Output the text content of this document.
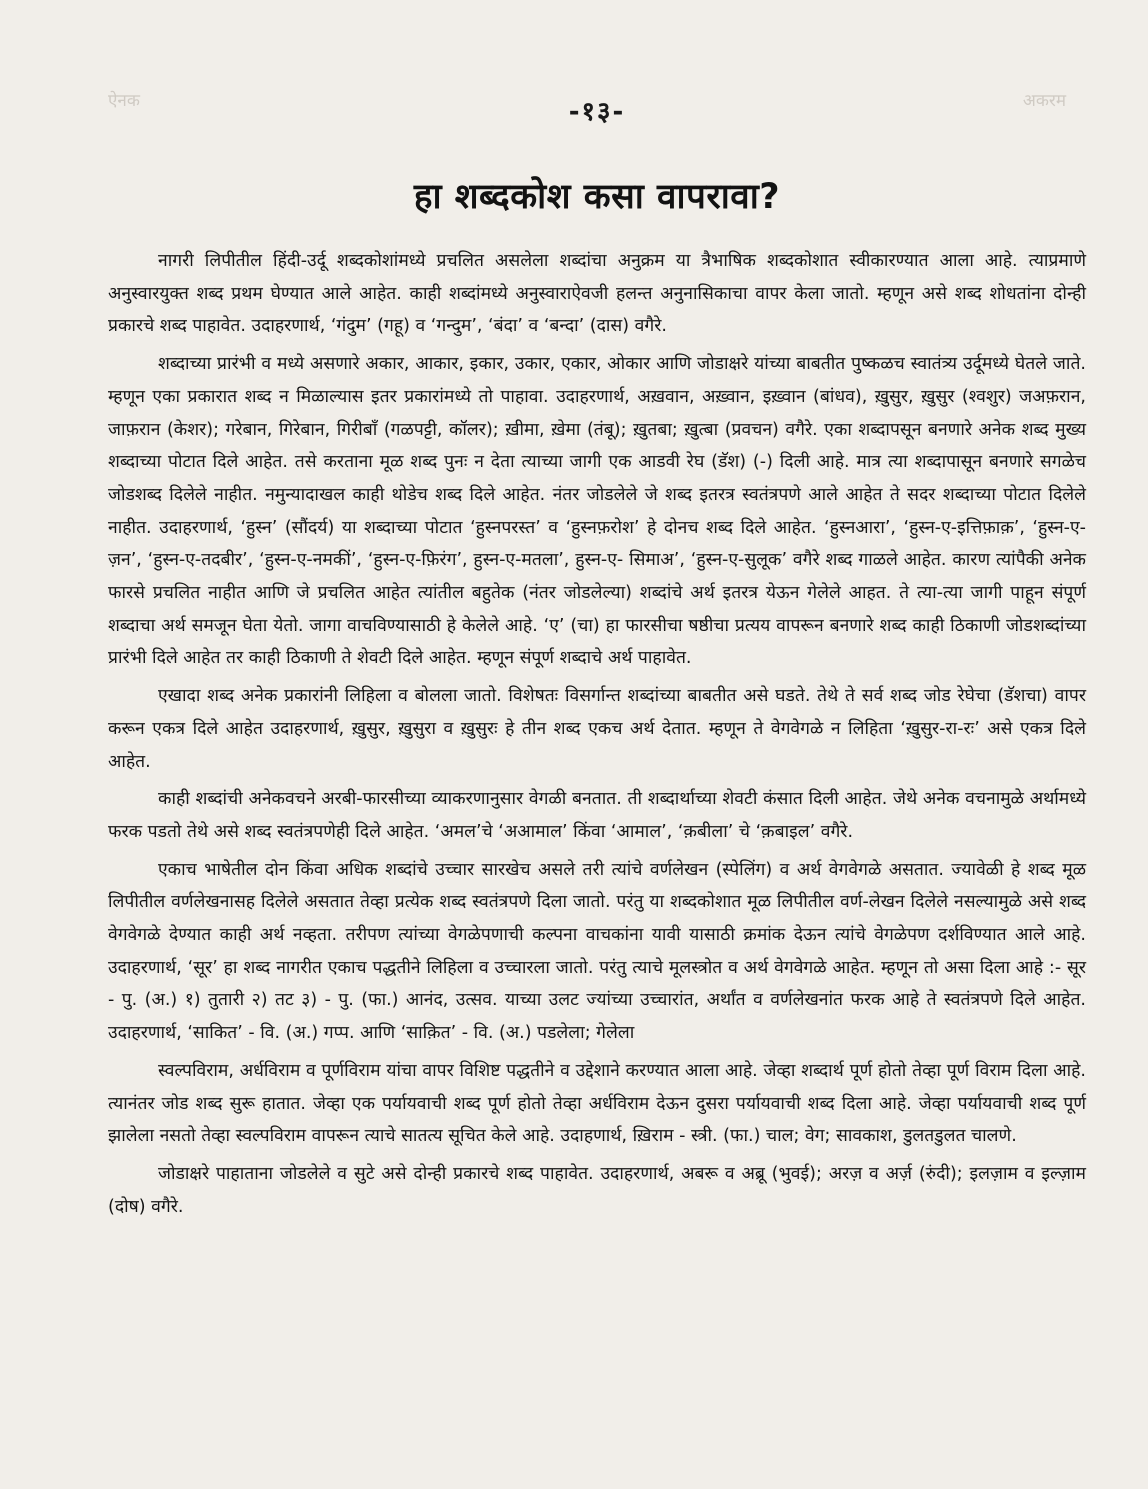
ऐनक	अकरम
-१३-
हा शब्दकोश कसा वापरावा?

नागरी लिपीतील हिंदी-उर्दू शब्दकोशांमध्ये प्रचलित असलेला शब्दांचा अनुक्रम या त्रैभाषिक शब्दकोशात स्वीकारण्यात आला आहे. त्याप्रमाणे अनुस्वारयुक्त शब्द प्रथम घेण्यात आले आहेत. काही शब्दांमध्ये अनुस्वाराऐवजी हलन्त अनुनासिकाचा वापर केला जातो. म्हणून असे शब्द शोधतांना दोन्ही प्रकारचे शब्द पाहावेत. उदाहरणार्थ, ‘गंदुम’ (गहू) व ‘गन्दुम’, ‘बंदा’ व ‘बन्दा’ (दास) वगैरे.

शब्दाच्या प्रारंभी व मध्ये असणारे अकार, आकार, इकार, उकार, एकार, ओकार आणि जोडाक्षरे यांच्या बाबतीत पुष्कळच स्वातंत्र्य उर्दूमध्ये घेतले जाते. म्हणून एका प्रकारात शब्द न मिळाल्यास इतर प्रकारांमध्ये तो पाहावा. उदाहरणार्थ, अख़वान, अख़्वान, इख़्वान (बांधव), ख़ुसुर, ख़ुसुर (श्वशुर) जअफ़रान, जाफ़रान (केशर); गरेबान, गिरेबान, गिरीबाँ (गळपट्टी, कॉलर); ख़ीमा, ख़ेमा (तंबू); ख़ुतबा; ख़ुत्बा (प्रवचन) वगैरे. एका शब्दापसून बनणारे अनेक शब्द मुख्य शब्दाच्या पोटात दिले आहेत. तसे करताना मूळ शब्द पुनः न देता त्याच्या जागी एक आडवी रेघ (डॅश) (-) दिली आहे. मात्र त्या शब्दापासून बनणारे सगळेच जोडशब्द दिलेले नाहीत. नमुन्यादाखल काही थोडेच शब्द दिले आहेत. नंतर जोडलेले जे शब्द इतरत्र स्वतंत्रपणे आले आहेत ते सदर शब्दाच्या पोटात दिलेले नाहीत. उदाहरणार्थ, ‘हुस्न’ (सौंदर्य) या शब्दाच्या पोटात ‘हुस्नपरस्त’ व ‘हुस्नफ़रोश’ हे दोनच शब्द दिले आहेत. ‘हुस्नआरा’, ‘हुस्न-ए-इत्तिफ़ाक़’, ‘हुस्न-ए-ज़न’, ‘हुस्न-ए-तदबीर’, ‘हुस्न-ए-नमकीं’, ‘हुस्न-ए-फ़िरंग’, हुस्न-ए-मतला’, हुस्न-ए- सिमाअ’, ‘हुस्न-ए-सुलूक’ वगैरे शब्द गाळले आहेत. कारण त्यांपैकी अनेक फारसे प्रचलित नाहीत आणि जे प्रचलित आहेत त्यांतील बहुतेक (नंतर जोडलेल्या) शब्दांचे अर्थ इतरत्र येऊन गेलेले आहत. ते त्या-त्या जागी पाहून संपूर्ण शब्दाचा अर्थ समजून घेता येतो. जागा वाचविण्यासाठी हे केलेले आहे. ‘ए’ (चा) हा फारसीचा षष्ठीचा प्रत्यय वापरून बनणारे शब्द काही ठिकाणी जोडशब्दांच्या प्रारंभी दिले आहेत तर काही ठिकाणी ते शेवटी दिले आहेत. म्हणून संपूर्ण शब्दाचे अर्थ पाहावेत.

एखादा शब्द अनेक प्रकारांनी लिहिला व बोलला जातो. विशेषतः विसर्गान्त शब्दांच्या बाबतीत असे घडते. तेथे ते सर्व शब्द जोड रेघेचा (डॅशचा) वापर करून एकत्र दिले आहेत उदाहरणार्थ, ख़ुसुर, ख़ुसुरा व ख़ुसुरः हे तीन शब्द एकच अर्थ देतात. म्हणून ते वेगवेगळे न लिहिता ‘ख़ुसुर-रा-रः’ असे एकत्र दिले आहेत.

काही शब्दांची अनेकवचने अरबी-फारसीच्या व्याकरणानुसार वेगळी बनतात. ती शब्दार्थाच्या शेवटी कंसात दिली आहेत. जेथे अनेक वचनामुळे अर्थामध्ये फरक पडतो तेथे असे शब्द स्वतंत्रपणेही दिले आहेत. ‘अमल’चे ‘अआमाल’ किंवा ‘आमाल’, ‘क़बीला’ चे ‘क़बाइल’ वगैरे.

एकाच भाषेतील दोन किंवा अधिक शब्दांचे उच्चार सारखेच असले तरी त्यांचे वर्णलेखन (स्पेलिंग) व अर्थ वेगवेगळे असतात. ज्यावेळी हे शब्द मूळ लिपीतील वर्णलेखनासह दिलेले असतात तेव्हा प्रत्येक शब्द स्वतंत्रपणे दिला जातो. परंतु या शब्दकोशात मूळ लिपीतील वर्ण-लेखन दिलेले नसल्यामुळे असे शब्द वेगवेगळे देण्यात काही अर्थ नव्हता. तरीपण त्यांच्या वेगळेपणाची कल्पना वाचकांना यावी यासाठी क्रमांक देऊन त्यांचे वेगळेपण दर्शविण्यात आले आहे. उदाहरणार्थ, ‘सूर’ हा शब्द नागरीत एकाच पद्धतीने लिहिला व उच्चारला जातो. परंतु त्याचे मूलस्त्रोत व अर्थ वेगवेगळे आहेत. म्हणून तो असा दिला आहे :- सूर - पु. (अ.) १) तुतारी २) तट ३) - पु. (फा.) आनंद, उत्सव. याच्या उलट ज्यांच्या उच्चारांत, अर्थांत व वर्णलेखनांत फरक आहे ते स्वतंत्रपणे दिले आहेत. उदाहरणार्थ, ‘साकित’ - वि. (अ.) गप्प. आणि ‘साक़ित’ - वि. (अ.) पडलेला; गेलेला

स्वल्पविराम, अर्धविराम व पूर्णविराम यांचा वापर विशिष्ट पद्धतीने व उद्देशाने करण्यात आला आहे. जेव्हा शब्दार्थ पूर्ण होतो तेव्हा पूर्ण विराम दिला आहे. त्यानंतर जोड शब्द सुरू हातात. जेव्हा एक पर्यायवाची शब्द पूर्ण होतो तेव्हा अर्धविराम देऊन दुसरा पर्यायवाची शब्द दिला आहे. जेव्हा पर्यायवाची शब्द पूर्ण झालेला नसतो तेव्हा स्वल्पविराम वापरून त्याचे सातत्य सूचित केले आहे. उदाहणार्थ, ख़िराम - स्त्री. (फा.) चाल; वेग; सावकाश, डुलतडुलत चालणे.

जोडाक्षरे पाहाताना जोडलेले व सुटे असे दोन्ही प्रकारचे शब्द पाहावेत. उदाहरणार्थ, अबरू व अब्रू (भुवई); अरज़ व अर्ज़ (रुंदी); इलज़ाम व इल्ज़ाम (दोष) वगैरे.
